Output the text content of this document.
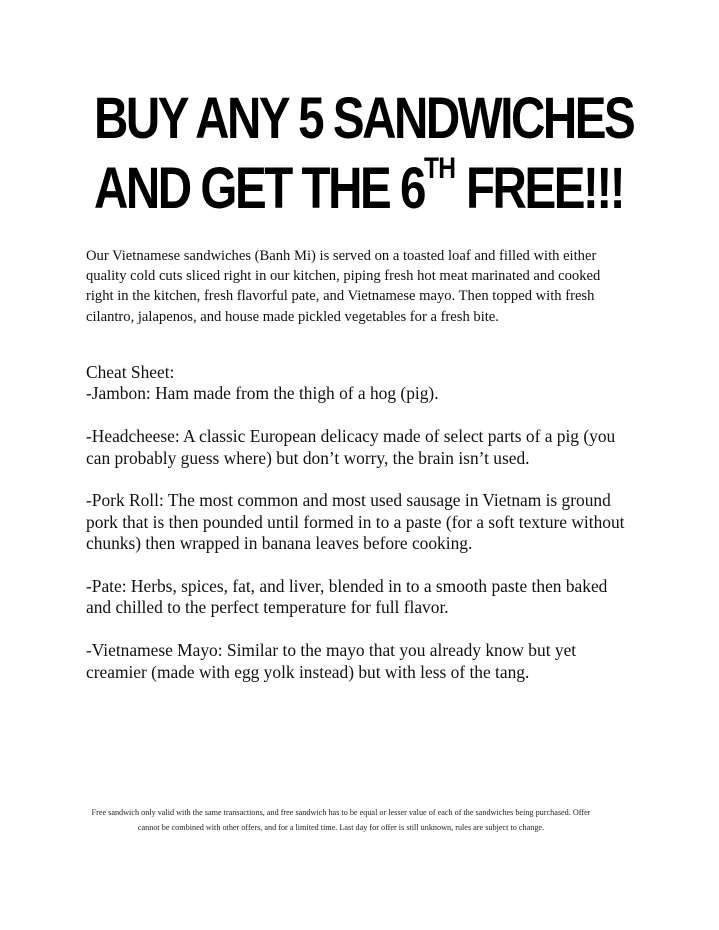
BUY ANY 5 SANDWICHES
AND GET THE 6TH FREE!!!

Our Vietnamese sandwiches (Banh Mi) is served on a toasted loaf and filled with either quality cold cuts sliced right in our kitchen, piping fresh hot meat marinated and cooked right in the kitchen, fresh flavorful pate, and Vietnamese mayo. Then topped with fresh cilantro, jalapenos, and house made pickled vegetables for a fresh bite.

Cheat Sheet:

-Jambon: Ham made from the thigh of a hog (pig).

-Headcheese: A classic European delicacy made of select parts of a pig (you can probably guess where) but don’t worry, the brain isn’t used.

-Pork Roll: The most common and most used sausage in Vietnam is ground pork that is then pounded until formed in to a paste (for a soft texture without chunks) then wrapped in banana leaves before cooking.

-Pate: Herbs, spices, fat, and liver, blended in to a smooth paste then baked and chilled to the perfect temperature for full flavor.

-Vietnamese Mayo: Similar to the mayo that you already know but yet creamier (made with egg yolk instead) but with less of the tang.

Free sandwich only valid with the same transactions, and free sandwich has to be equal or lesser value of each of the sandwiches being purchased. Offer cannot be combined with other offers, and for a limited time. Last day for offer is still unknown, rules are subject to change.
